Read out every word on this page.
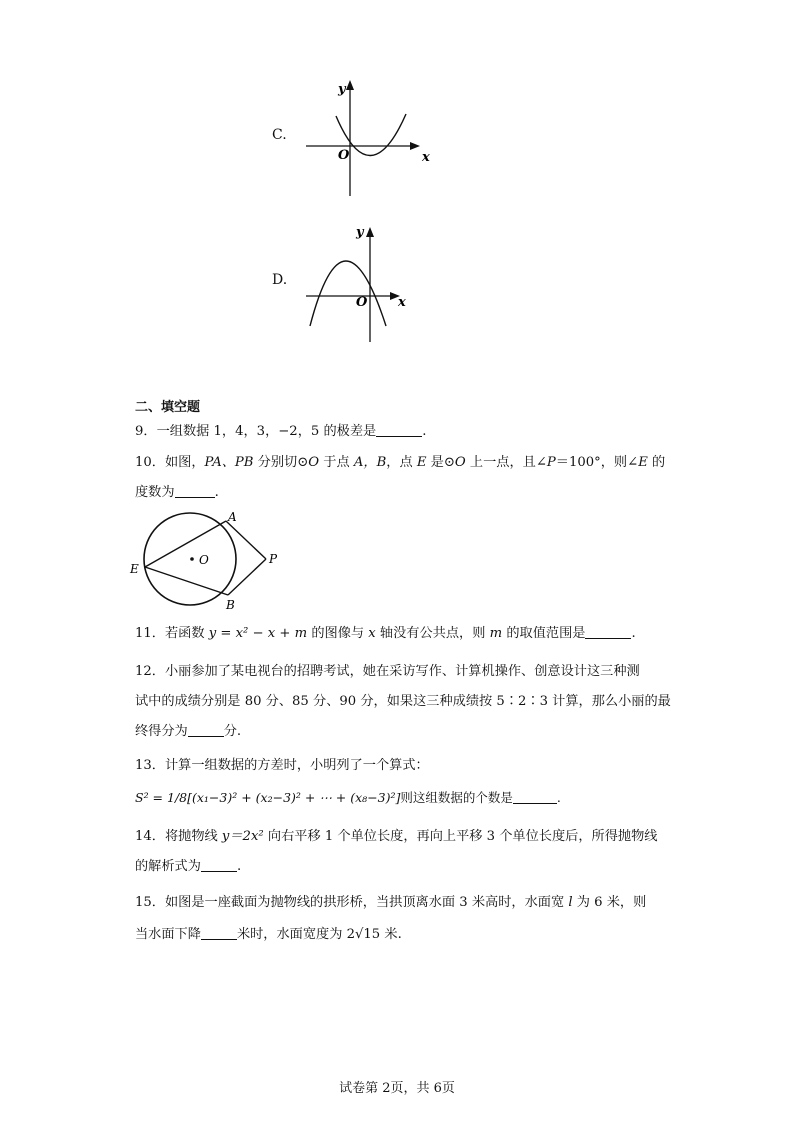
C.
y
O	x
D.
y
O x
二、填空题
9．一组数据 1，4，3，−2，5 的极差是	.
10．如图，PA、PB 分别切⊙O 于点 A，B，点 E 是⊙O 上一点，且∠P＝100°，则∠E 的
度数为	.
O
A
B
E
P
11．若函数 y = x² − x + m 的图像与 x 轴没有公共点，则 m 的取值范围是	.
12．小丽参加了某电视台的招聘考试，她在采访写作、计算机操作、创意设计这三种测
试中的成绩分别是 80 分、85 分、90 分，如果这三种成绩按 5∶2∶3 计算，那么小丽的最
终得分为	分.
13．计算一组数据的方差时，小明列了一个算式：
S² = 1/8[(x₁−3)² + (x₂−3)² + ⋯ + (x₈−3)²]则这组数据的个数是	.
14．将抛物线 y＝2x² 向右平移 1 个单位长度，再向上平移 3 个单位长度后，所得抛物线
的解析式为	.
15．如图是一座截面为抛物线的拱形桥，当拱顶离水面 3 米高时，水面宽 l 为 6 米，则
当水面下降	米时，水面宽度为 2√15 米.
试卷第 2页，共 6页
